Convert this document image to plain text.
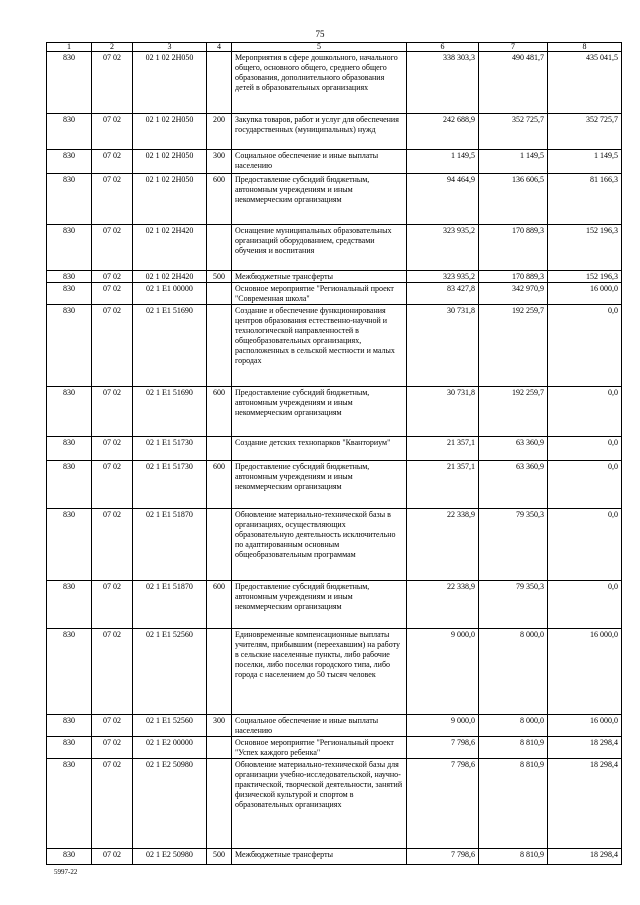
75
1	2	3	4	5	6	7	8
830	07 02	02 1 02 2H050		Мероприятия в сфере дошкольного, начального общего, основного общего, среднего общего образования, дополнительного образования детей в образовательных организациях	338 303,3	490 481,7	435 041,5
830	07 02	02 1 02 2H050	200	Закупка товаров, работ и услуг для обеспечения государственных (муниципальных) нужд	242 688,9	352 725,7	352 725,7
830	07 02	02 1 02 2H050	300	Социальное обеспечение и иные выплаты населению	1 149,5	1 149,5	1 149,5
830	07 02	02 1 02 2H050	600	Предоставление субсидий бюджетным, автономным учреждениям и иным некоммерческим организациям	94 464,9	136 606,5	81 166,3
830	07 02	02 1 02 2H420		Оснащение муниципальных образовательных организаций оборудованием, средствами обучения и воспитания	323 935,2	170 889,3	152 196,3
830	07 02	02 1 02 2H420	500	Межбюджетные трансферты	323 935,2	170 889,3	152 196,3
830	07 02	02 1 E1 00000		Основное мероприятие "Региональный проект "Современная школа"	83 427,8	342 970,9	16 000,0
830	07 02	02 1 E1 51690		Создание и обеспечение функционирования центров образования естественно-научной и технологической направленностей в общеобразовательных организациях, расположенных в сельской местности и малых городах	30 731,8	192 259,7	0,0
830	07 02	02 1 E1 51690	600	Предоставление субсидий бюджетным, автономным учреждениям и иным некоммерческим организациям	30 731,8	192 259,7	0,0
830	07 02	02 1 E1 51730		Создание детских технопарков "Кванториум"	21 357,1	63 360,9	0,0
830	07 02	02 1 E1 51730	600	Предоставление субсидий бюджетным, автономным учреждениям и иным некоммерческим организациям	21 357,1	63 360,9	0,0
830	07 02	02 1 E1 51870		Обновление материально-технической базы в организациях, осуществляющих образовательную деятельность исключительно по адаптированным основным общеобразовательным программам	22 338,9	79 350,3	0,0
830	07 02	02 1 E1 51870	600	Предоставление субсидий бюджетным, автономным учреждениям и иным некоммерческим организациям	22 338,9	79 350,3	0,0
830	07 02	02 1 E1 52560		Единовременные компенсационные выплаты учителям, прибывшим (переехавшим) на работу в сельские населенные пункты, либо рабочие поселки, либо поселки городского типа, либо города с населением до 50 тысяч человек	9 000,0	8 000,0	16 000,0
830	07 02	02 1 E1 52560	300	Социальное обеспечение и иные выплаты населению	9 000,0	8 000,0	16 000,0
830	07 02	02 1 E2 00000		Основное мероприятие "Региональный проект "Успех каждого ребенка"	7 798,6	8 810,9	18 298,4
830	07 02	02 1 E2 50980		Обновление материально-технической базы для организации учебно-исследовательской, научно-практической, творческой деятельности, занятий физической культурой и спортом в образовательных организациях	7 798,6	8 810,9	18 298,4
830	07 02	02 1 E2 50980	500	Межбюджетные трансферты	7 798,6	8 810,9	18 298,4
5997-22
